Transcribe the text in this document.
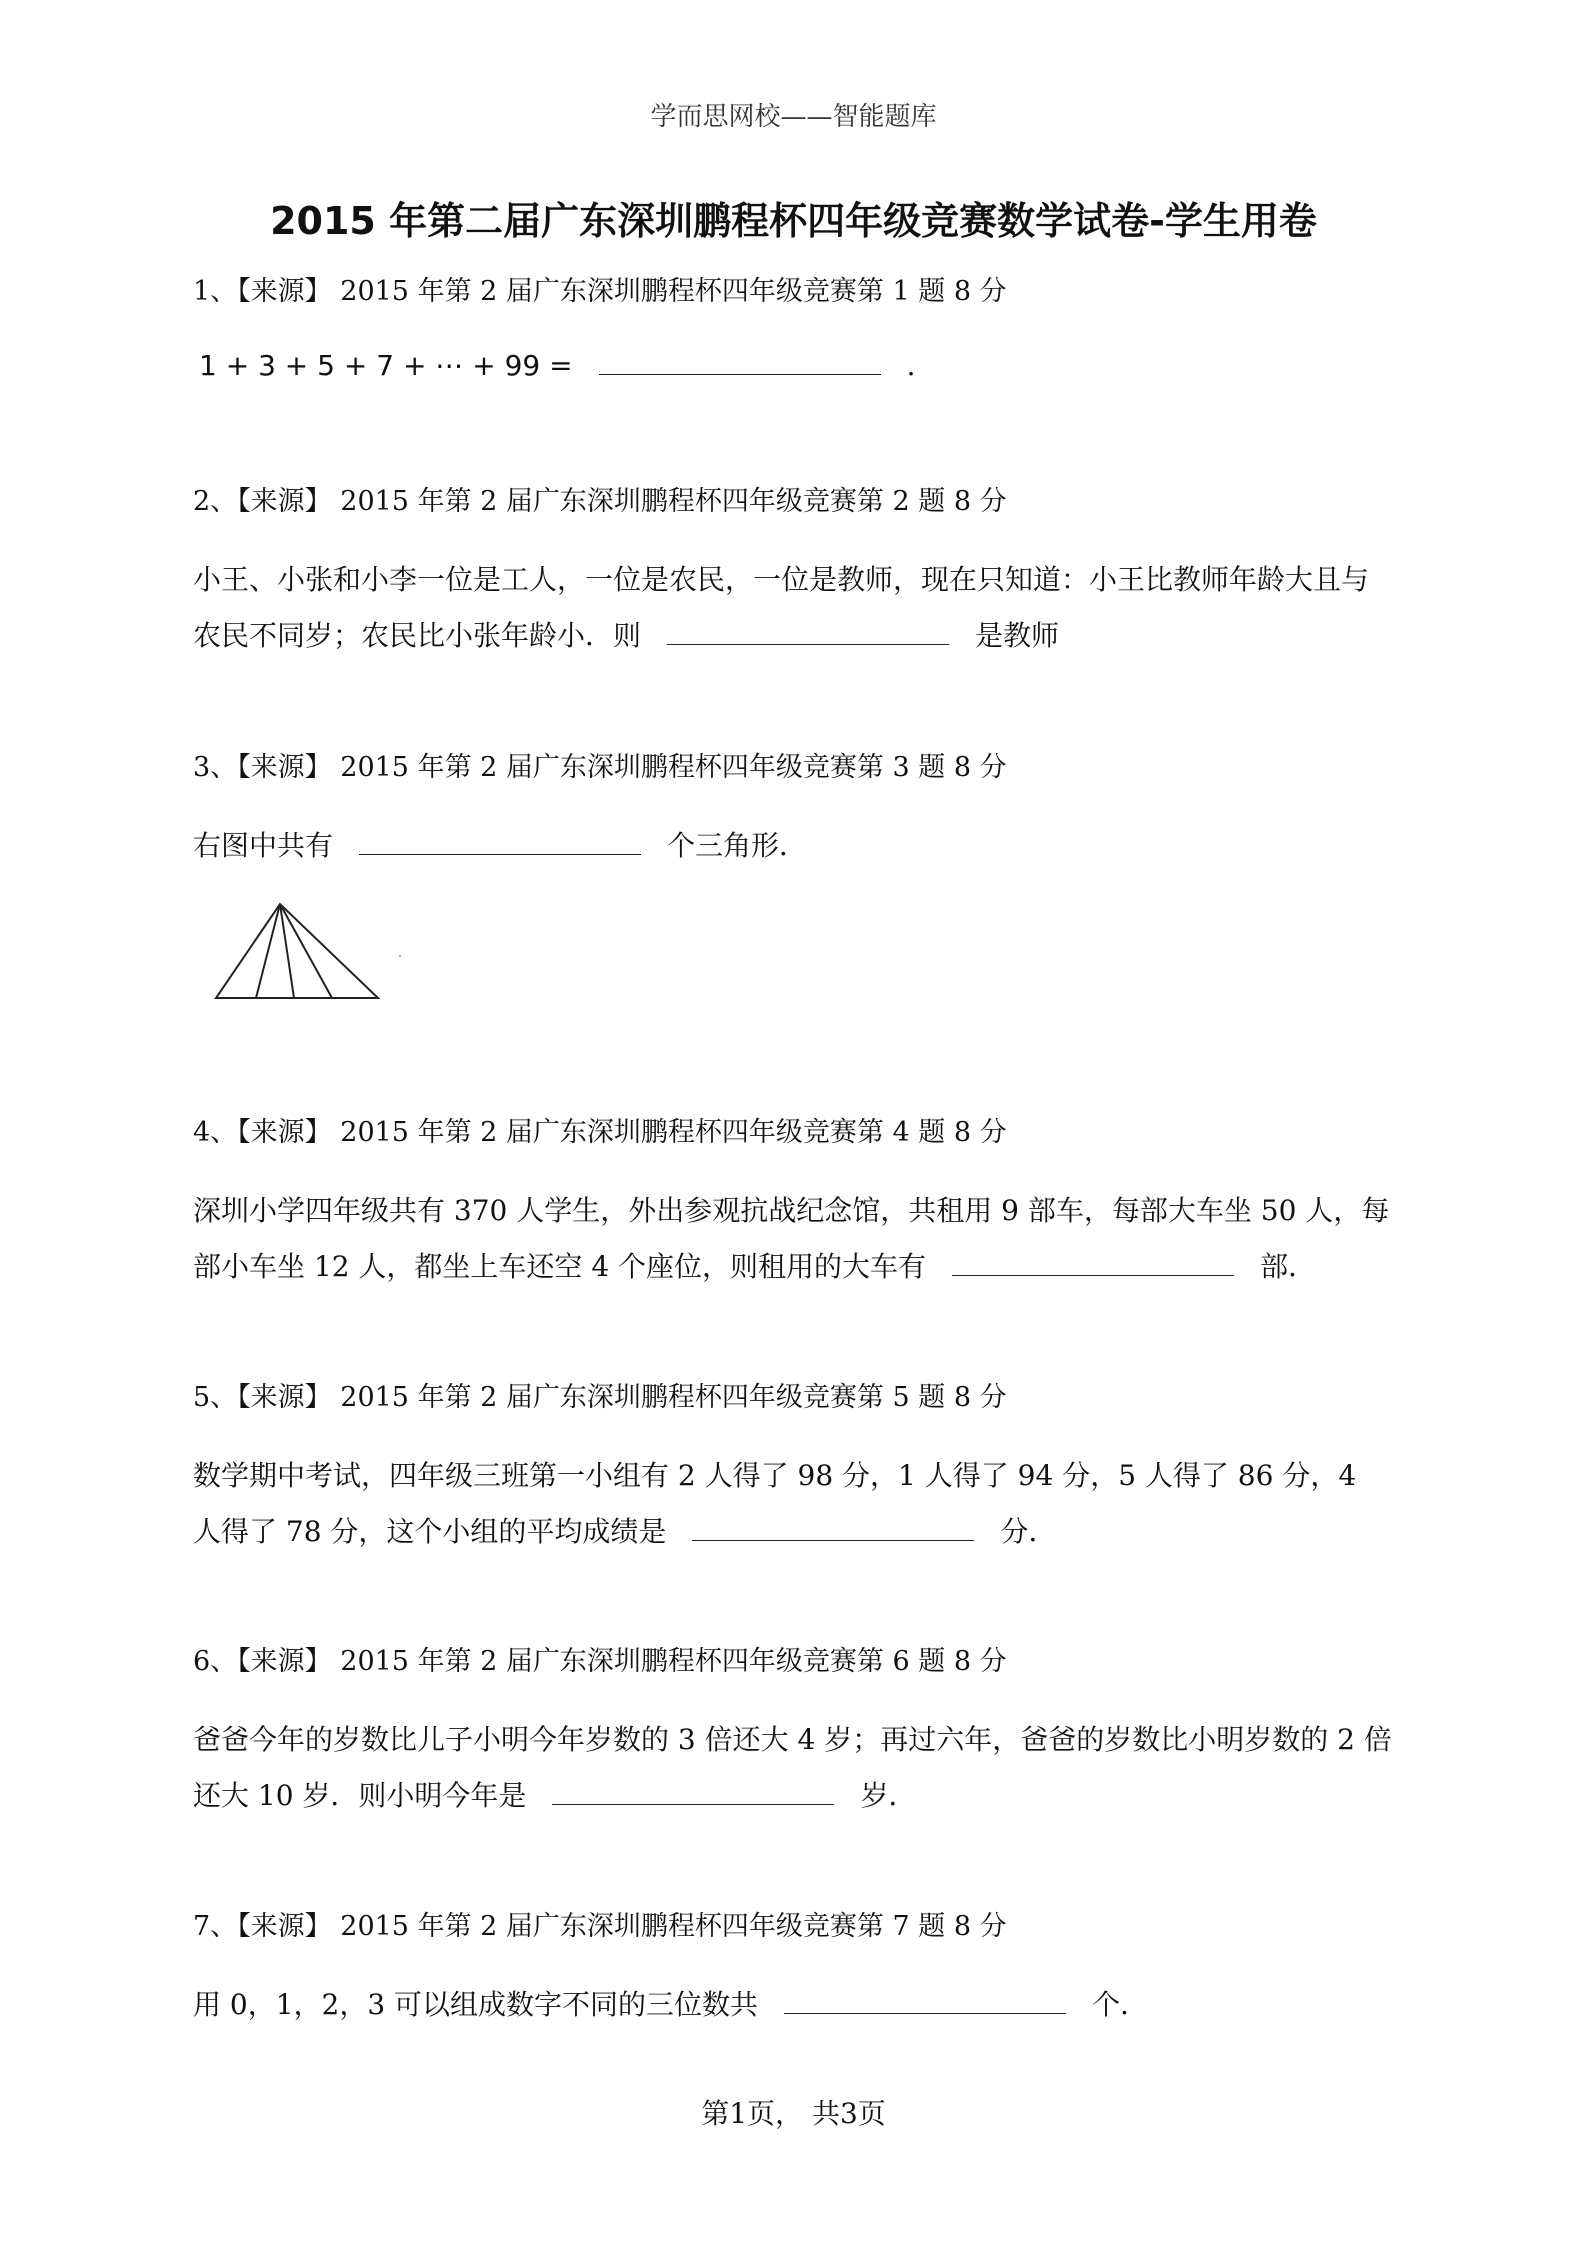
学而思网校——智能题库
2015 年第二届广东深圳鹏程杯四年级竞赛数学试卷-学生用卷
1、【来源】 2015 年第 2 届广东深圳鹏程杯四年级竞赛第 1 题 8 分
1 + 3 + 5 + 7 + ⋯ + 99 =	.
2、【来源】 2015 年第 2 届广东深圳鹏程杯四年级竞赛第 2 题 8 分
小王、小张和小李一位是工人，一位是农民，一位是教师，现在只知道：小王比教师年龄大且与农民不同岁；农民比小张年龄小．则	是教师
3、【来源】 2015 年第 2 届广东深圳鹏程杯四年级竞赛第 3 题 8 分
右图中共有	个三角形．
4、【来源】 2015 年第 2 届广东深圳鹏程杯四年级竞赛第 4 题 8 分
深圳小学四年级共有 370 人学生，外出参观抗战纪念馆，共租用 9 部车，每部大车坐 50 人，每部小车坐 12 人，都坐上车还空 4 个座位，则租用的大车有	部．
5、【来源】 2015 年第 2 届广东深圳鹏程杯四年级竞赛第 5 题 8 分
数学期中考试，四年级三班第一小组有 2 人得了 98 分，1 人得了 94 分，5 人得了 86 分，4 人得了 78 分，这个小组的平均成绩是	分．
6、【来源】 2015 年第 2 届广东深圳鹏程杯四年级竞赛第 6 题 8 分
爸爸今年的岁数比儿子小明今年岁数的 3 倍还大 4 岁；再过六年，爸爸的岁数比小明岁数的 2 倍还大 10 岁．则小明今年是	岁．
7、【来源】 2015 年第 2 届广东深圳鹏程杯四年级竞赛第 7 题 8 分
用 0，1，2，3 可以组成数字不同的三位数共	个．
第1页， 共3页
